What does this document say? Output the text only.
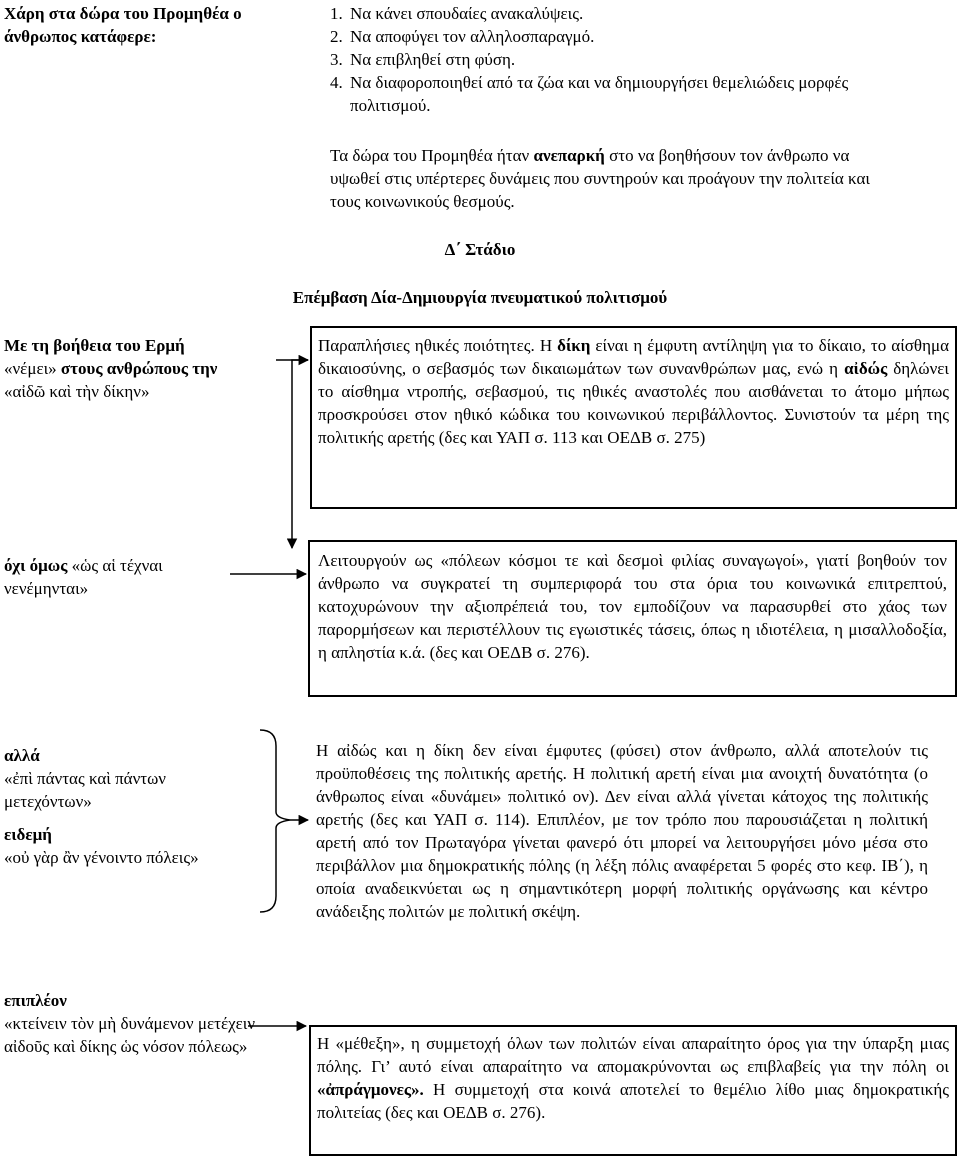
Χάρη στα δώρα του Προμηθέα ο άνθρωπος κατάφερε:
1. Να κάνει σπουδαίες ανακαλύψεις.
2. Να αποφύγει τον αλληλοσπαραγμό.
3. Να επιβληθεί στη φύση.
4. Να διαφοροποιηθεί από τα ζώα και να δημιουργήσει θεμελιώδεις μορφές πολιτισμού.

Τα δώρα του Προμηθέα ήταν ανεπαρκή στο να βοηθήσουν τον άνθρωπο να υψωθεί στις υπέρτερες δυνάμεις που συντηρούν και προάγουν την πολιτεία και τους κοινωνικούς θεσμούς.

Δ΄ Στάδιο
Επέμβαση Δία-Δημιουργία πνευματικού πολιτισμού
Με τη βοήθεια του Ερμή
«νέμει» στους ανθρώπους την
«αἰδῶ καὶ τὴν δίκην»

Παραπλήσιες ηθικές ποιότητες. Η δίκη είναι η έμφυτη αντίληψη για το δίκαιο, το αίσθημα δικαιοσύνης, ο σεβασμός των δικαιωμάτων των συνανθρώπων μας, ενώ η αἰδώς δηλώνει το αίσθημα ντροπής, σεβασμού, τις ηθικές αναστολές που αισθάνεται το άτομο μήπως προσκρούσει στον ηθικό κώδικα του κοινωνικού περιβάλλοντος. Συνιστούν τα μέρη της πολιτικής αρετής (δες και ΥΑΠ σ. 113 και ΟΕΔΒ σ. 275)

όχι όμως «ὡς αἱ τέχναι νενέμηνται»

Λειτουργούν ως «πόλεων κόσμοι τε καὶ δεσμοὶ φιλίας συναγωγοί», γιατί βοηθούν τον άνθρωπο να συγκρατεί τη συμπεριφορά του στα όρια του κοινωνικά επιτρεπτού, κατοχυρώνουν την αξιοπρέπειά του, τον εμποδίζουν να παρασυρθεί στο χάος των παρορμήσεων και περιστέλλουν τις εγωιστικές τάσεις, όπως η ιδιοτέλεια, η μισαλλοδοξία, η απληστία κ.ά. (δες και ΟΕΔΒ σ. 276).

αλλά
«ἐπὶ πάντας καὶ πάντων μετεχόντων»
ειδεμή
«οὐ γὰρ ἂν γένοιντο πόλεις»

Η αἰδώς και η δίκη δεν είναι έμφυτες (φύσει) στον άνθρωπο, αλλά αποτελούν τις προϋποθέσεις της πολιτικής αρετής. Η πολιτική αρετή είναι μια ανοιχτή δυνατότητα (ο άνθρωπος είναι «δυνάμει» πολιτικό ον). Δεν είναι αλλά γίνεται κάτοχος της πολιτικής αρετής (δες και ΥΑΠ σ. 114). Επιπλέον, με τον τρόπο που παρουσιάζεται η πολιτική αρετή από τον Πρωταγόρα γίνεται φανερό ότι μπορεί να λειτουργήσει μόνο μέσα στο περιβάλλον μια δημοκρατικής πόλης (η λέξη πόλις αναφέρεται 5 φορές στο κεφ. ΙΒ΄), η οποία αναδεικνύεται ως η σημαντικότερη μορφή πολιτικής οργάνωσης και κέντρο ανάδειξης πολιτών με πολιτική σκέψη.

επιπλέον
«κτείνειν τὸν μὴ δυνάμενον μετέχειν αἰδοῦς καὶ δίκης ὡς νόσον πόλεως»	Η «μέθεξη», η συμμετοχή όλων των πολιτών είναι απαραίτητο όρος για την ύπαρξη μιας πόλης. Γι’ αυτό είναι απαραίτητο να απομακρύνονται ως επιβλαβείς για την πόλη οι «ἀπράγμονες». Η συμμετοχή στα κοινά αποτελεί το θεμέλιο λίθο μιας δημοκρατικής πολιτείας (δες και ΟΕΔΒ σ. 276).
